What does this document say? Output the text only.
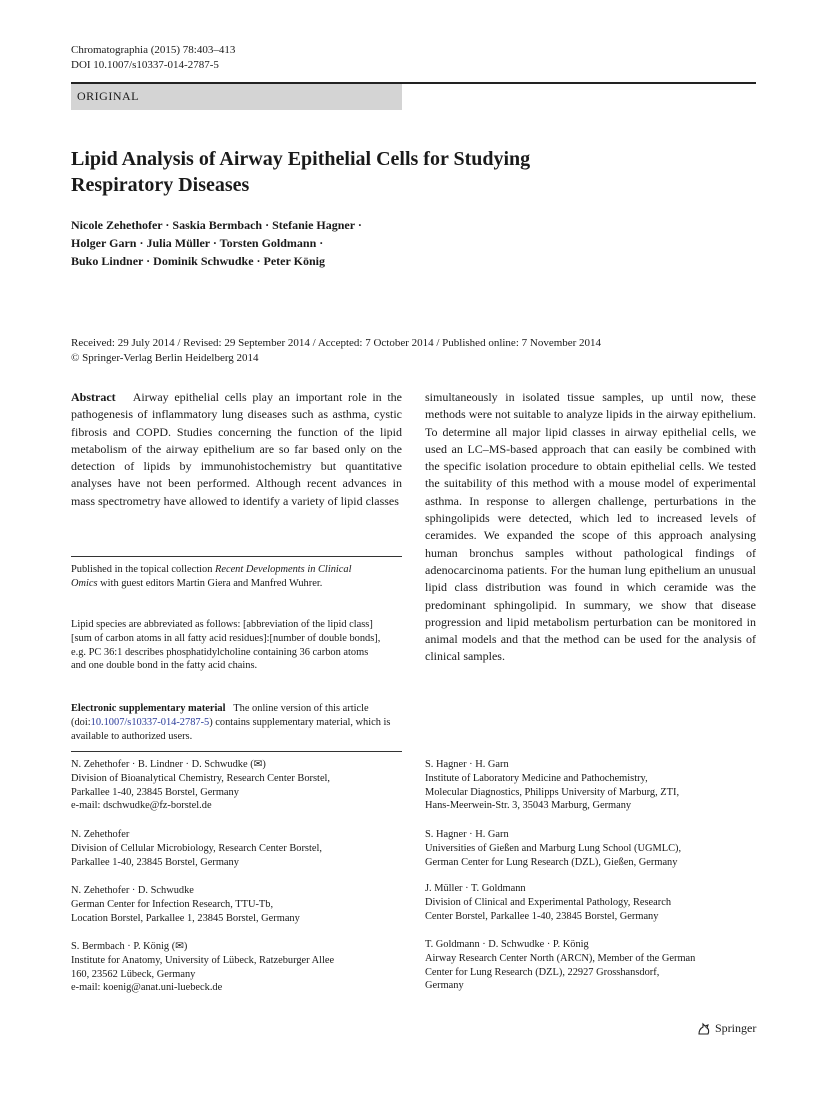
Chromatographia (2015) 78:403–413
DOI 10.1007/s10337-014-2787-5
ORIGINAL
Lipid Analysis of Airway Epithelial Cells for Studying
Respiratory Diseases
Nicole Zehethofer · Saskia Bermbach · Stefanie Hagner ·
Holger Garn · Julia Müller · Torsten Goldmann ·
Buko Lindner · Dominik Schwudke · Peter König
Received: 29 July 2014 / Revised: 29 September 2014 / Accepted: 7 October 2014 / Published online: 7 November 2014
© Springer-Verlag Berlin Heidelberg 2014
Abstract Airway epithelial cells play an important role in the pathogenesis of inflammatory lung diseases such as asthma, cystic fibrosis and COPD. Studies concerning the function of the lipid metabolism of the airway epithelium are so far based only on the detection of lipids by immunohistochemistry but quantitative analyses have not been performed. Although recent advances in mass spectrometry have allowed to identify a variety of lipid classes
simultaneously in isolated tissue samples, up until now, these methods were not suitable to analyze lipids in the airway epithelium. To determine all major lipid classes in airway epithelial cells, we used an LC–MS-based approach that can easily be combined with the specific isolation procedure to obtain epithelial cells. We tested the suitability of this method with a mouse model of experimental asthma. In response to allergen challenge, perturbations in the sphingolipids were detected, which led to increased levels of ceramides. We expanded the scope of this approach analysing human bronchus samples without pathological findings of adenocarcinoma patients. For the human lung epithelium an unusual lipid class distribution was found in which ceramide was the predominant sphingolipid. In summary, we show that disease progression and lipid metabolism perturbation can be monitored in animal models and that the method can be used for the analysis of clinical samples.
Published in the topical collection Recent Developments in Clinical Omics with guest editors Martin Giera and Manfred Wuhrer.
Lipid species are abbreviated as follows: [abbreviation of the lipid class] [sum of carbon atoms in all fatty acid residues]:[number of double bonds], e.g. PC 36:1 describes phosphatidylcholine containing 36 carbon atoms and one double bond in the fatty acid chains.
Electronic supplementary material The online version of this article (doi:10.1007/s10337-014-2787-5) contains supplementary material, which is available to authorized users.
N. Zehethofer · B. Lindner · D. Schwudke (✉)
Division of Bioanalytical Chemistry, Research Center Borstel,
Parkallee 1-40, 23845 Borstel, Germany
e-mail: dschwudke@fz-borstel.de
N. Zehethofer
Division of Cellular Microbiology, Research Center Borstel,
Parkallee 1-40, 23845 Borstel, Germany
N. Zehethofer · D. Schwudke
German Center for Infection Research, TTU-Tb,
Location Borstel, Parkallee 1, 23845 Borstel, Germany
S. Bermbach · P. König (✉)
Institute for Anatomy, University of Lübeck, Ratzeburger Allee
160, 23562 Lübeck, Germany
e-mail: koenig@anat.uni-luebeck.de
S. Hagner · H. Garn
Institute of Laboratory Medicine and Pathochemistry,
Molecular Diagnostics, Philipps University of Marburg, ZTI,
Hans-Meerwein-Str. 3, 35043 Marburg, Germany
S. Hagner · H. Garn
Universities of Gießen and Marburg Lung School (UGMLC),
German Center for Lung Research (DZL), Gießen, Germany
J. Müller · T. Goldmann
Division of Clinical and Experimental Pathology, Research
Center Borstel, Parkallee 1-40, 23845 Borstel, Germany
T. Goldmann · D. Schwudke · P. König
Airway Research Center North (ARCN), Member of the German
Center for Lung Research (DZL), 22927 Grosshansdorf,
Germany
Springer
